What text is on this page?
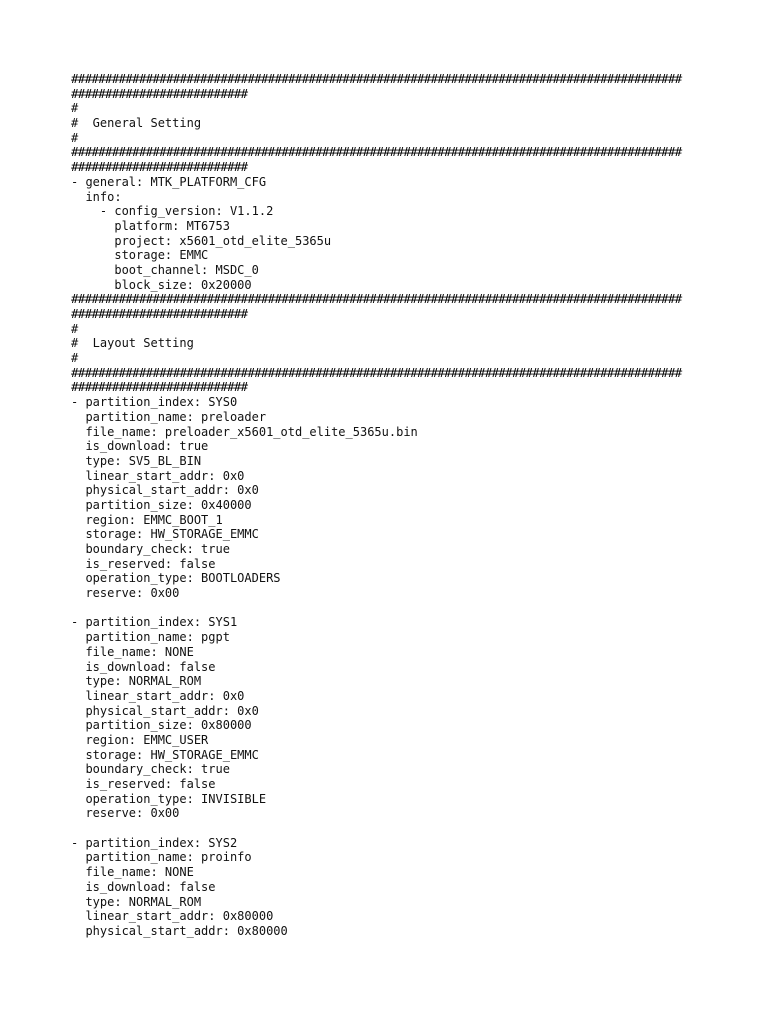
##########################################################################################
##########################
#
#  General Setting
#
##########################################################################################
##########################
- general: MTK_PLATFORM_CFG
info:
- config_version: V1.1.2
platform: MT6753
project: x5601_otd_elite_5365u
storage: EMMC
boot_channel: MSDC_0
block_size: 0x20000
##########################################################################################
##########################
#
#  Layout Setting
#
##########################################################################################
##########################
- partition_index: SYS0
partition_name: preloader
file_name: preloader_x5601_otd_elite_5365u.bin
is_download: true
type: SV5_BL_BIN
linear_start_addr: 0x0
physical_start_addr: 0x0
partition_size: 0x40000
region: EMMC_BOOT_1
storage: HW_STORAGE_EMMC
boundary_check: true
is_reserved: false
operation_type: BOOTLOADERS
reserve: 0x00
- partition_index: SYS1
partition_name: pgpt
file_name: NONE
is_download: false
type: NORMAL_ROM
linear_start_addr: 0x0
physical_start_addr: 0x0
partition_size: 0x80000
region: EMMC_USER
storage: HW_STORAGE_EMMC
boundary_check: true
is_reserved: false
operation_type: INVISIBLE
reserve: 0x00
- partition_index: SYS2
partition_name: proinfo
file_name: NONE
is_download: false
type: NORMAL_ROM
linear_start_addr: 0x80000
physical_start_addr: 0x80000
